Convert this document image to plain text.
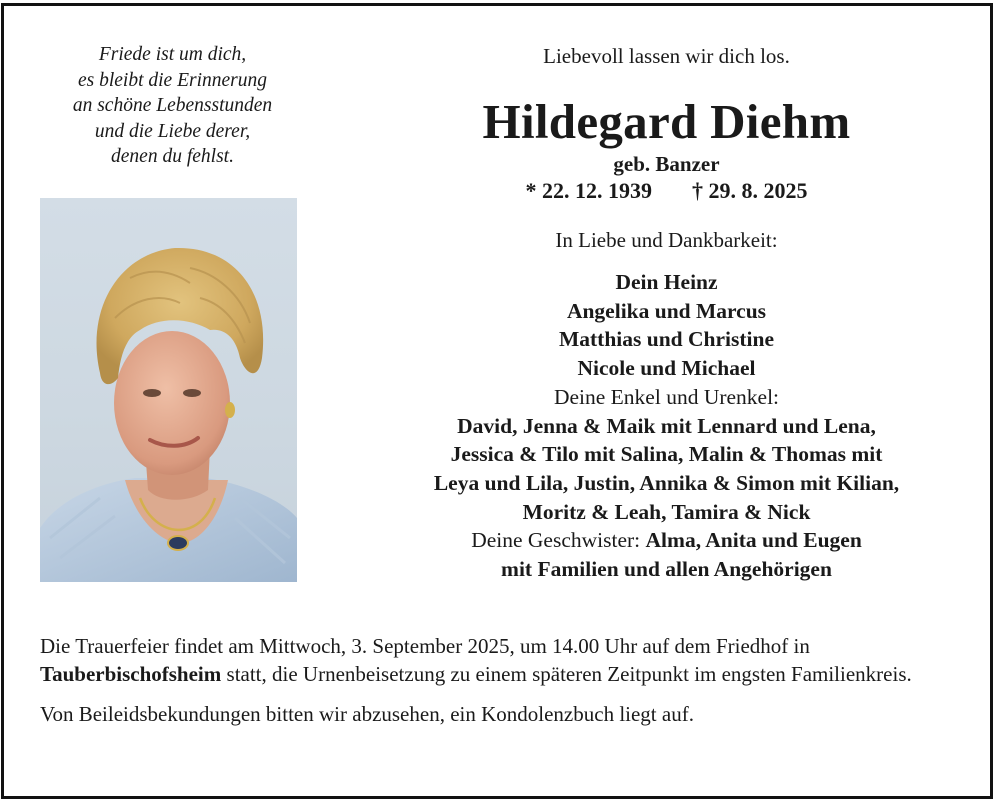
Friede ist um dich,
es bleibt die Erinnerung
an schöne Lebensstunden
und die Liebe derer,
denen du fehlst.
Liebevoll lassen wir dich los.
Hildegard Diehm
geb. Banzer
* 22. 12. 1939 † 29. 8. 2025
In Liebe und Dankbarkeit:
Dein Heinz
Angelika und Marcus
Matthias und Christine
Nicole und Michael
Deine Enkel und Urenkel:
David, Jenna & Maik mit Lennard und Lena,
Jessica & Tilo mit Salina, Malin & Thomas mit
Leya und Lila, Justin, Annika & Simon mit Kilian,
Moritz & Leah, Tamira & Nick
Deine Geschwister: Alma, Anita und Eugen
mit Familien und allen Angehörigen

Die Trauerfeier findet am Mittwoch, 3. September 2025, um 14.00 Uhr auf dem Friedhof in Tauberbischofsheim statt, die Urnenbeisetzung zu einem späteren Zeitpunkt im engsten Familienkreis.

Von Beileidsbekundungen bitten wir abzusehen, ein Kondolenzbuch liegt auf.
